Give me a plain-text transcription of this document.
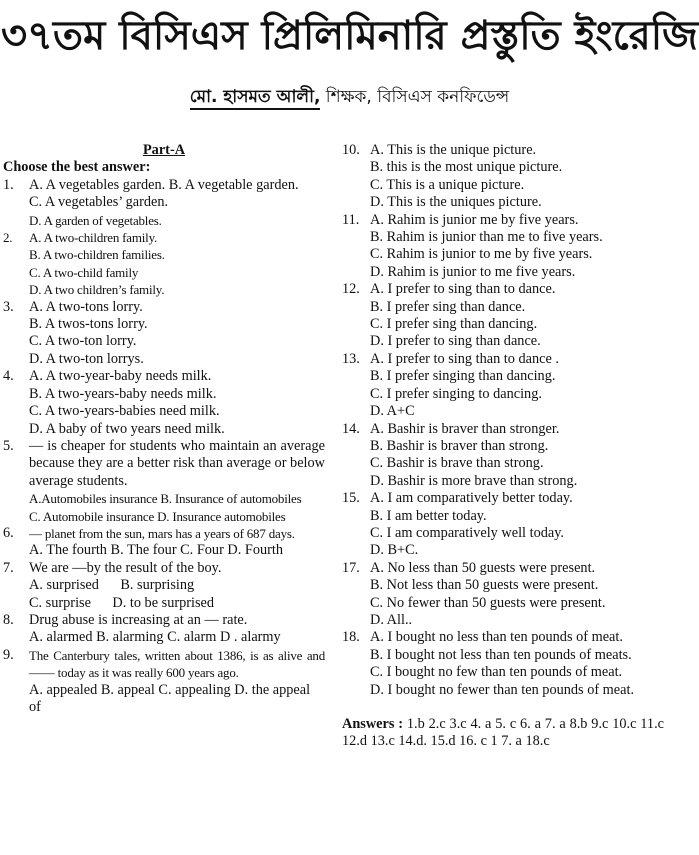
৩৭তম বিসিএস প্রিলিমিনারি প্রস্তুতি ইংরেজি
মো. হাসমত আলী, শিক্ষক, বিসিএস কনফিডেন্স
Part-A
Choose the best answer:
1. A. A vegetables garden. B. A vegetable garden.
C. A vegetables’ garden.
D. A garden of vegetables.
2. A. A two-children family.
B. A two-children families.
C. A two-child family
D. A two children’s family.
3. A. A two-tons lorry.
B. A twos-tons lorry.
C. A two-ton lorry.
D. A two-ton lorrys.
4. A. A two-year-baby needs milk.
B. A two-years-baby needs milk.
C. A two-years-babies need milk.
D. A baby of two years need milk.
5. — is cheaper for students who maintain an average because they are a better risk than average or below average students.
A.Automobiles insurance B. Insurance of automobiles
C. Automobile insurance D. Insurance automobiles
6. — planet from the sun, mars has a years of 687 days.
A. The fourth B. The four C. Four D. Fourth
7. We are —by the result of the boy.
A. surprised      B. surprising
C. surprise      D. to be surprised
8. Drug abuse is increasing at an — rate.
A. alarmed B. alarming C. alarm D . alarmy
9. The Canterbury tales, written about 1386, is as alive and —— today as it was really 600 years ago.
A. appealed B. appeal C. appealing D. the appeal of
10. A. This is the unique picture.
B. this is the most unique picture.
C. This is a unique picture.
D. This is the uniques picture.
11. A. Rahim is junior me by five years.
B. Rahim is junior than me to five years.
C. Rahim is junior to me by five years.
D. Rahim is junior to me five years.
12. A. I prefer to sing than to dance.
B. I prefer sing than dance.
C. I prefer sing than dancing.
D. I prefer to sing than dance.
13. A. I prefer to sing than to dance .
B. I prefer singing than dancing.
C. I prefer singing to dancing.
D. A+C
14. A. Bashir is braver than stronger.
B. Bashir is braver than strong.
C. Bashir is brave than strong.
D. Bashir is more brave than strong.
15. A. I am comparatively better today.
B. I am better today.
C. I am comparatively well today.
D. B+C.
17. A. No less than 50 guests were present.
B. Not less than 50 guests were present.
C. No fewer than 50 guests were present.
D. All..
18. A. I bought no less than ten pounds of meat.
B. I bought not less than ten pounds of meats.
C. I bought no few than ten pounds of meat.
D. I bought no fewer than ten pounds of meat.
Answers : 1.b 2.c 3.c 4. a 5. c 6. a 7. a 8.b 9.c 10.c 11.c 12.d 13.c 14.d. 15.d 16. c 1 7. a 18.c
